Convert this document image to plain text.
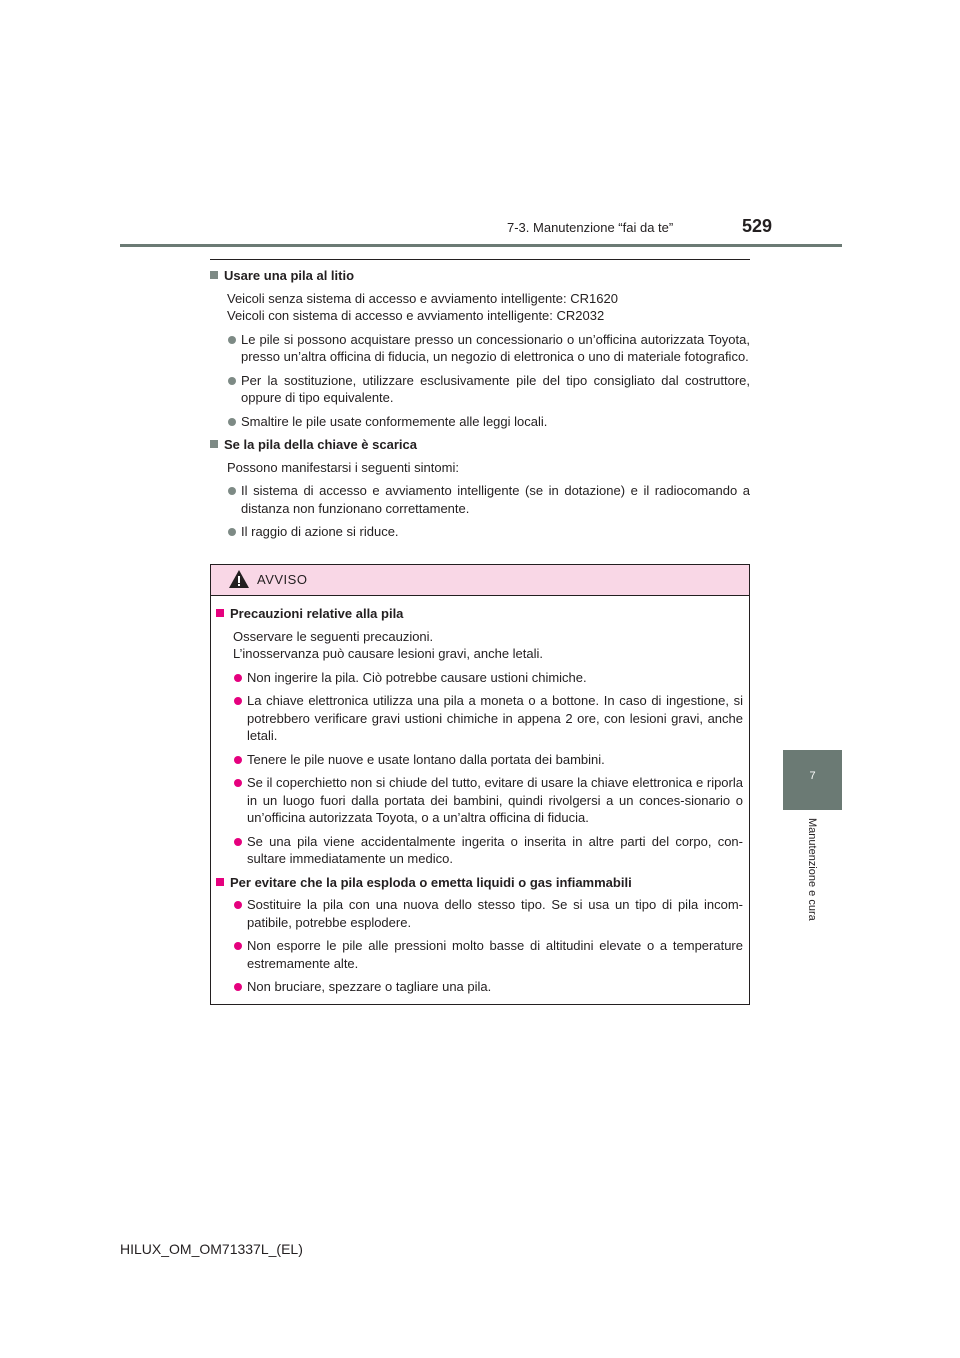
7-3. Manutenzione “fai da te”	529
7
Manutenzione e cura
Usare una pila al litio
Veicoli senza sistema di accesso e avviamento intelligente: CR1620
Veicoli con sistema di accesso e avviamento intelligente: CR2032
Le pile si possono acquistare presso un concessionario o un’officina autorizzata Toyota, presso un’altra officina di fiducia, un negozio di elettronica o uno di materiale fotografico.
Per la sostituzione, utilizzare esclusivamente pile del tipo consigliato dal costruttore, oppure di tipo equivalente.
Smaltire le pile usate conformemente alle leggi locali.
Se la pila della chiave è scarica
Possono manifestarsi i seguenti sintomi:
Il sistema di accesso e avviamento intelligente (se in dotazione) e il radiocomando a distanza non funzionano correttamente.
Il raggio di azione si riduce.
AVVISO
Precauzioni relative alla pila
Osservare le seguenti precauzioni.
L’inosservanza può causare lesioni gravi, anche letali.
Non ingerire la pila. Ciò potrebbe causare ustioni chimiche.
La chiave elettronica utilizza una pila a moneta o a bottone. In caso di ingestione, si potrebbero verificare gravi ustioni chimiche in appena 2 ore, con lesioni gravi, anche letali.
Tenere le pile nuove e usate lontano dalla portata dei bambini.
Se il coperchietto non si chiude del tutto, evitare di usare la chiave elettronica e riporla in un luogo fuori dalla portata dei bambini, quindi rivolgersi a un conces-sionario o un’officina autorizzata Toyota, o a un’altra officina di fiducia.
Se una pila viene accidentalmente ingerita o inserita in altre parti del corpo, con-sultare immediatamente un medico.
Per evitare che la pila esploda o emetta liquidi o gas infiammabili
Sostituire la pila con una nuova dello stesso tipo. Se si usa un tipo di pila incom-patibile, potrebbe esplodere.
Non esporre le pile alle pressioni molto basse di altitudini elevate o a temperature estremamente alte.
Non bruciare, spezzare o tagliare una pila.
HILUX_OM_OM71337L_(EL)
